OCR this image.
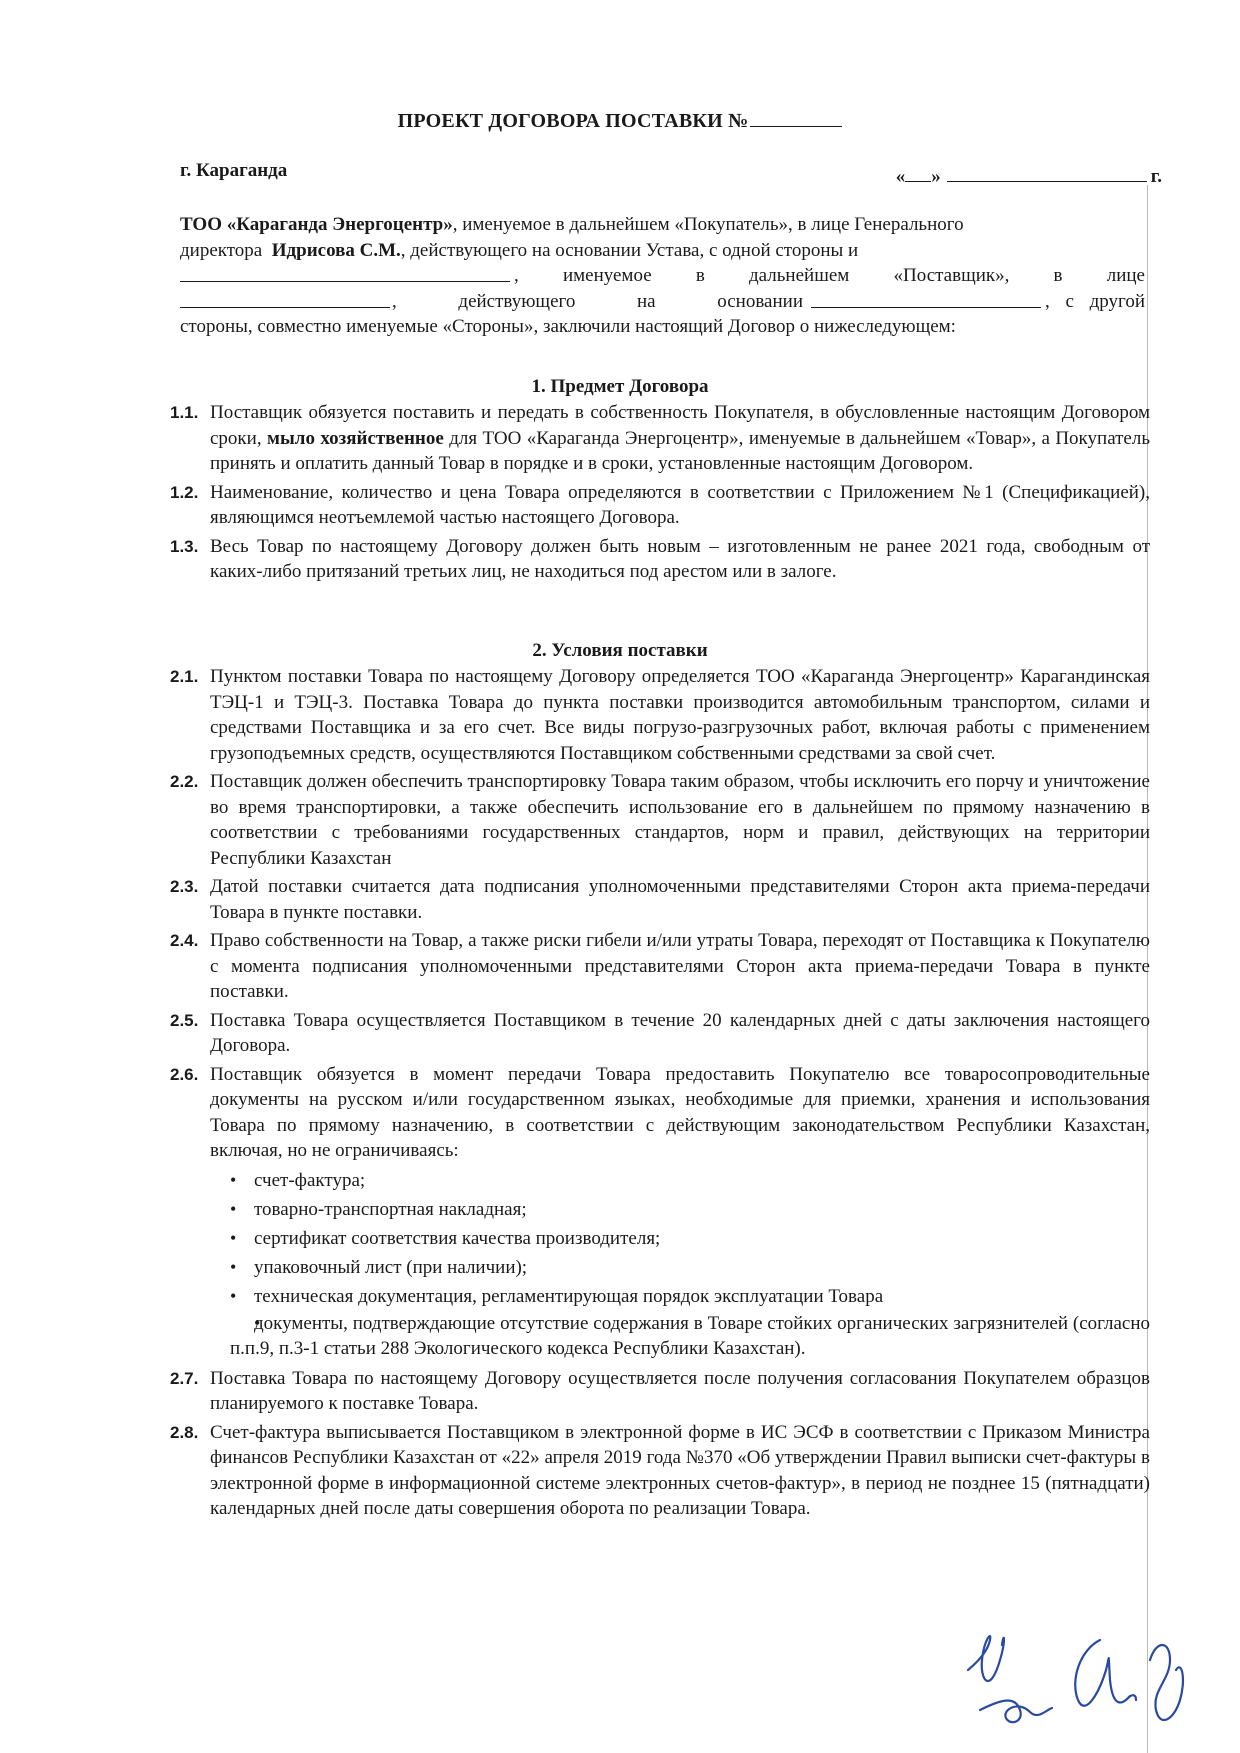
ПРОЕКТ ДОГОВОРА ПОСТАВКИ №
г. Караганда	« »	г.
ТОО «Караганда Энергоцентр», именуемое в дальнейшем «Покупатель», в лице Генерального
директора Идрисова С.М., действующего на основании Устава, с одной стороны и
, именуемое в дальнейшем «Поставщик», в лице
, действующего на основании	, с другой
стороны, совместно именуемые «Стороны», заключили настоящий Договор о нижеследующем:
1. Предмет Договора
1.1. Поставщик обязуется поставить и передать в собственность Покупателя, в обусловленные настоящим Договором сроки, мыло хозяйственное для ТОО «Караганда Энергоцентр», именуемые в дальнейшем «Товар», а Покупатель принять и оплатить данный Товар в порядке и в сроки, установленные настоящим Договором.
1.2. Наименование, количество и цена Товара определяются в соответствии с Приложением №1 (Спецификацией), являющимся неотъемлемой частью настоящего Договора.
1.3. Весь Товар по настоящему Договору должен быть новым – изготовленным не ранее 2021 года, свободным от каких-либо притязаний третьих лиц, не находиться под арестом или в залоге.
2. Условия поставки
2.1. Пунктом поставки Товара по настоящему Договору определяется ТОО «Караганда Энергоцентр» Карагандинская ТЭЦ-1 и ТЭЦ-3. Поставка Товара до пункта поставки производится автомобильным транспортом, силами и средствами Поставщика и за его счет. Все виды погрузо-разгрузочных работ, включая работы с применением грузоподъемных средств, осуществляются Поставщиком собственными средствами за свой счет.
2.2. Поставщик должен обеспечить транспортировку Товара таким образом, чтобы исключить его порчу и уничтожение во время транспортировки, а также обеспечить использование его в дальнейшем по прямому назначению в соответствии с требованиями государственных стандартов, норм и правил, действующих на территории Республики Казахстан
2.3. Датой поставки считается дата подписания уполномоченными представителями Сторон акта приема-передачи Товара в пункте поставки.
2.4. Право собственности на Товар, а также риски гибели и/или утраты Товара, переходят от Поставщика к Покупателю с момента подписания уполномоченными представителями Сторон акта приема-передачи Товара в пункте поставки.
2.5. Поставка Товара осуществляется Поставщиком в течение 20 календарных дней с даты заключения настоящего Договора.
2.6. Поставщик обязуется в момент передачи Товара предоставить Покупателю все товаросопроводительные документы на русском и/или государственном языках, необходимые для приемки, хранения и использования Товара по прямому назначению, в соответствии с действующим законодательством Республики Казахстан, включая, но не ограничиваясь:
• счет-фактура;
• товарно-транспортная накладная;
• сертификат соответствия качества производителя;
• упаковочный лист (при наличии);
• техническая документация, регламентирующая порядок эксплуатации Товара
• документы, подтверждающие отсутствие содержания в Товаре стойких органических загрязнителей (согласно п.п.9, п.3-1 статьи 288 Экологического кодекса Республики Казахстан).
2.7. Поставка Товара по настоящему Договору осуществляется после получения согласования Покупателем образцов планируемого к поставке Товара.
2.8. Счет-фактура выписывается Поставщиком в электронной форме в ИС ЭСФ в соответствии с Приказом Министра финансов Республики Казахстан от «22» апреля 2019 года №370 «Об утверждении Правил выписки счет-фактуры в электронной форме в информационной системе электронных счетов-фактур», в период не позднее 15 (пятнадцати) календарных дней после даты совершения оборота по реализации Товара.
